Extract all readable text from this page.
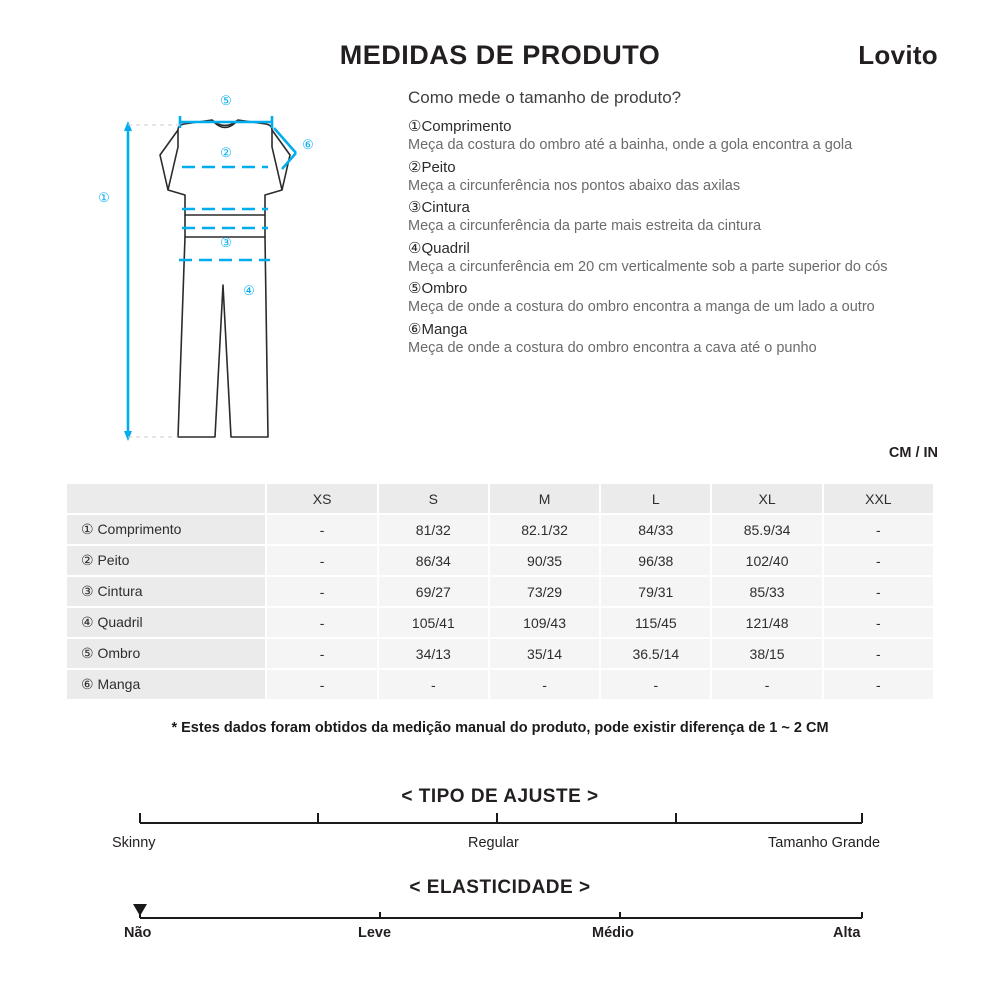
MEDIDAS DE PRODUTO	Lovito
①
②
③
④
⑤
⑥
Como mede o tamanho de produto?
①Comprimento
Meça da costura do ombro até a bainha, onde a gola encontra a gola
②Peito
Meça a circunferência nos pontos abaixo das axilas
③Cintura
Meça a circunferência da parte mais estreita da cintura
④Quadril
Meça a circunferência em 20 cm verticalmente sob a parte superior do cós
⑤Ombro
Meça de onde a costura do ombro encontra a manga de um lado a outro
⑥Manga
Meça de onde a costura do ombro encontra a cava até o punho
CM / IN
	XS	S	M	L	XL	XXL
① Comprimento	-	81/32	82.1/32	84/33	85.9/34	-
② Peito	-	86/34	90/35	96/38	102/40	-
③ Cintura	-	69/27	73/29	79/31	85/33	-
④ Quadril	-	105/41	109/43	115/45	121/48	-
⑤ Ombro	-	34/13	35/14	36.5/14	38/15	-
⑥ Manga	-	-	-	-	-	-
* Estes dados foram obtidos da medição manual do produto, pode existir diferença de 1 ~ 2 CM
< TIPO DE AJUSTE >
Skinny	Regular	Tamanho Grande
< ELASTICIDADE >
Não	Leve	Médio	Alta
